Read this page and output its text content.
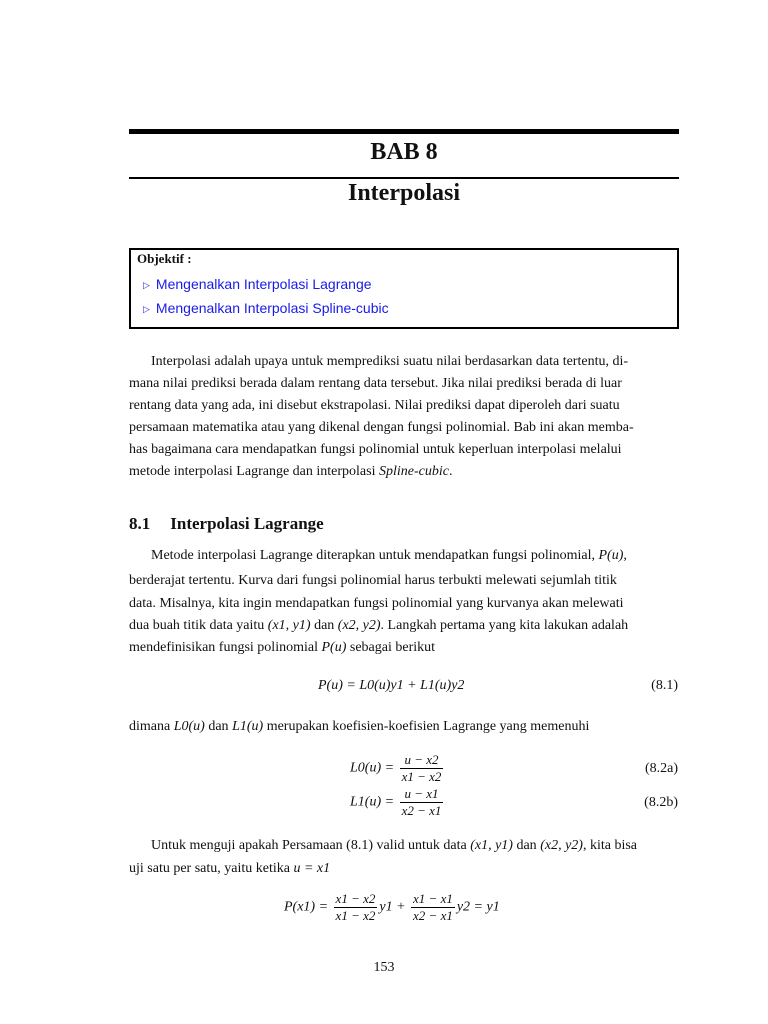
BAB 8
Interpolasi
Objektif :
▷ Mengenalkan Interpolasi Lagrange
▷ Mengenalkan Interpolasi Spline-cubic
Interpolasi adalah upaya untuk memprediksi suatu nilai berdasarkan data tertentu, di-
mana nilai prediksi berada dalam rentang data tersebut. Jika nilai prediksi berada di luar
rentang data yang ada, ini disebut ekstrapolasi. Nilai prediksi dapat diperoleh dari suatu
persamaan matematika atau yang dikenal dengan fungsi polinomial. Bab ini akan memba-
has bagaimana cara mendapatkan fungsi polinomial untuk keperluan interpolasi melalui
metode interpolasi Lagrange dan interpolasi Spline-cubic.
8.1 Interpolasi Lagrange
Metode interpolasi Lagrange diterapkan untuk mendapatkan fungsi polinomial, P(u),
berderajat tertentu. Kurva dari fungsi polinomial harus terbukti melewati sejumlah titik
data. Misalnya, kita ingin mendapatkan fungsi polinomial yang kurvanya akan melewati
dua buah titik data yaitu (x1, y1) dan (x2, y2). Langkah pertama yang kita lakukan adalah
mendefinisikan fungsi polinomial P(u) sebagai berikut
P(u) = L0(u)y1 + L1(u)y2	(8.1)
dimana L0(u) dan L1(u) merupakan koefisien-koefisien Lagrange yang memenuhi
$L0(u) = \frac{u - x2}{x1 - x2}$	(8.2a)
$L1(u) = \frac{u - x1}{x2 - x1}$	(8.2b)
Untuk menguji apakah Persamaan (8.1) valid untuk data (x1, y1) dan (x2, y2), kita bisa
uji satu per satu, yaitu ketika u = x1
$P(x1) = \frac{x1 - x2}{x1 - x2} y1 + \frac{x1 - x1}{x2 - x1} y2 = y1$
153
